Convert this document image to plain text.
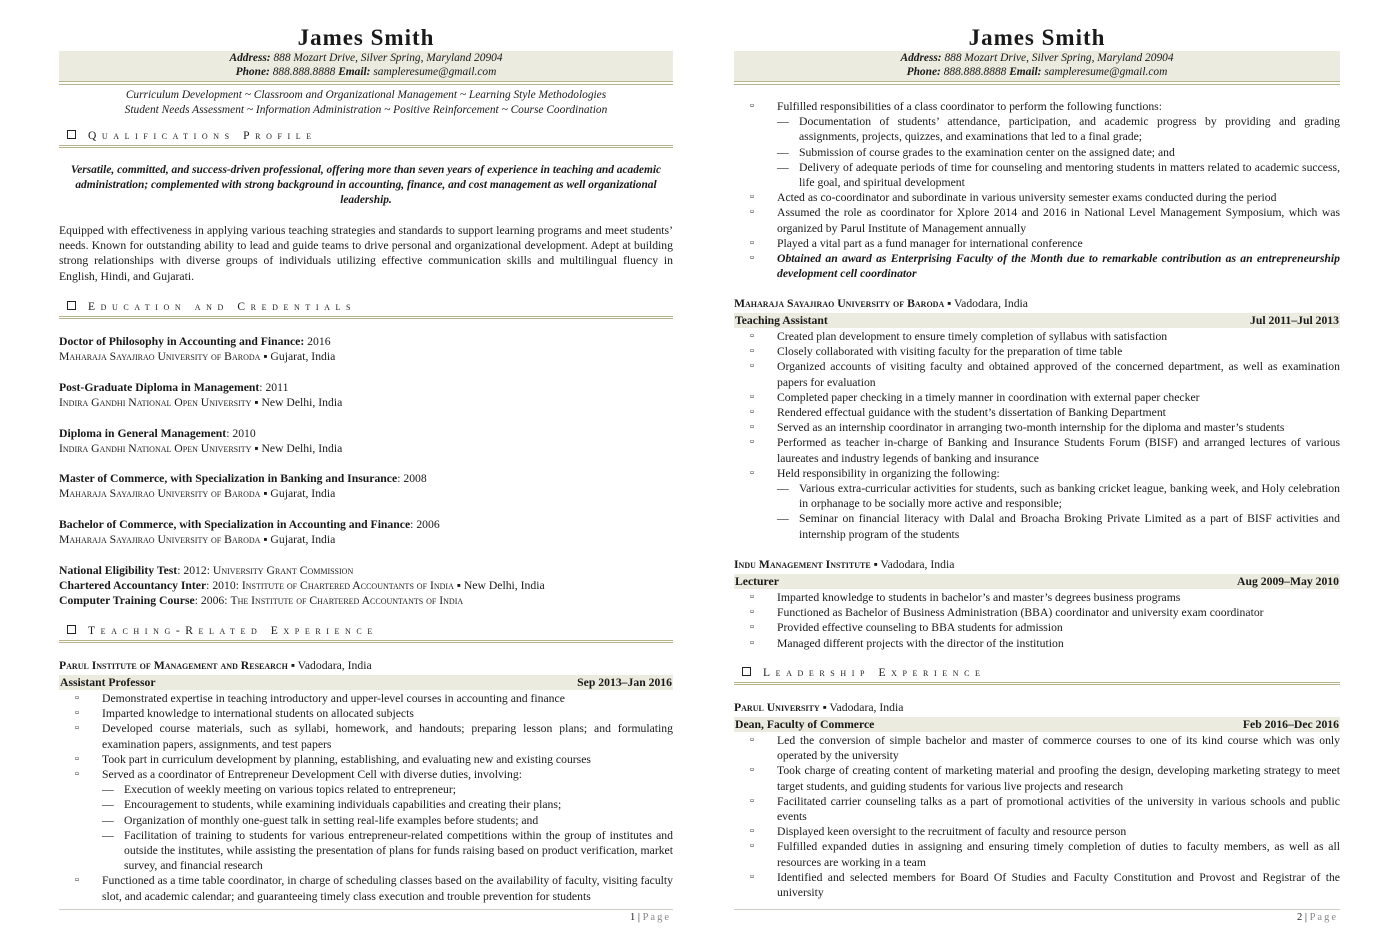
James Smith
Address: 888 Mozart Drive, Silver Spring, Maryland 20904
Phone: 888.888.8888 Email: sampleresume@gmail.com
Curriculum Development ~ Classroom and Organizational Management ~ Learning Style Methodologies
Student Needs Assessment ~ Information Administration ~ Positive Reinforcement ~ Course Coordination
Qualifications Profile
Versatile, committed, and success-driven professional, offering more than seven years of experience in teaching and academic administration; complemented with strong background in accounting, finance, and cost management as well organizational leadership.
Equipped with effectiveness in applying various teaching strategies and standards to support learning programs and meet students’ needs. Known for outstanding ability to lead and guide teams to drive personal and organizational development. Adept at building strong relationships with diverse groups of individuals utilizing effective communication skills and multilingual fluency in English, Hindi, and Gujarati.
Education and Credentials
Doctor of Philosophy in Accounting and Finance: 2016
Maharaja Sayajirao University of Baroda ▪ Gujarat, India
Post-Graduate Diploma in Management: 2011
Indira Gandhi National Open University ▪ New Delhi, India
Diploma in General Management: 2010
Indira Gandhi National Open University ▪ New Delhi, India
Master of Commerce, with Specialization in Banking and Insurance: 2008
Maharaja Sayajirao University of Baroda ▪ Gujarat, India
Bachelor of Commerce, with Specialization in Accounting and Finance: 2006
Maharaja Sayajirao University of Baroda ▪ Gujarat, India
National Eligibility Test: 2012: University Grant Commission
Chartered Accountancy Inter: 2010: Institute of Chartered Accountants of India ▪ New Delhi, India
Computer Training Course: 2006: The Institute of Chartered Accountants of India
Teaching-Related Experience
Parul Institute of Management and Research ▪ Vadodara, India
Assistant Professor	Sep 2013–Jan 2016
▫ Demonstrated expertise in teaching introductory and upper-level courses in accounting and finance
▫ Imparted knowledge to international students on allocated subjects
▫ Developed course materials, such as syllabi, homework, and handouts; preparing lesson plans; and formulating examination papers, assignments, and test papers
▫ Took part in curriculum development by planning, establishing, and evaluating new and existing courses
▫ Served as a coordinator of Entrepreneur Development Cell with diverse duties, involving:
— Execution of weekly meeting on various topics related to entrepreneur;
— Encouragement to students, while examining individuals capabilities and creating their plans;
— Organization of monthly one-guest talk in setting real-life examples before students; and
— Facilitation of training to students for various entrepreneur-related competitions within the group of institutes and outside the institutes, while assisting the presentation of plans for funds raising based on product verification, market survey, and financial research
▫ Functioned as a time table coordinator, in charge of scheduling classes based on the availability of faculty, visiting faculty slot, and academic calendar; and guaranteeing timely class execution and trouble prevention for students
1 | Page
James Smith
Address: 888 Mozart Drive, Silver Spring, Maryland 20904
Phone: 888.888.8888 Email: sampleresume@gmail.com
▫ Fulfilled responsibilities of a class coordinator to perform the following functions:
— Documentation of students’ attendance, participation, and academic progress by providing and grading assignments, projects, quizzes, and examinations that led to a final grade;
— Submission of course grades to the examination center on the assigned date; and
— Delivery of adequate periods of time for counseling and mentoring students in matters related to academic success, life goal, and spiritual development
▫ Acted as co-coordinator and subordinate in various university semester exams conducted during the period
▫ Assumed the role as coordinator for Xplore 2014 and 2016 in National Level Management Symposium, which was organized by Parul Institute of Management annually
▫ Played a vital part as a fund manager for international conference
▫ Obtained an award as Enterprising Faculty of the Month due to remarkable contribution as an entrepreneurship development cell coordinator
Maharaja Sayajirao University of Baroda ▪ Vadodara, India
Teaching Assistant	Jul 2011–Jul 2013
▫ Created plan development to ensure timely completion of syllabus with satisfaction
▫ Closely collaborated with visiting faculty for the preparation of time table
▫ Organized accounts of visiting faculty and obtained approved of the concerned department, as well as examination papers for evaluation
▫ Completed paper checking in a timely manner in coordination with external paper checker
▫ Rendered effectual guidance with the student’s dissertation of Banking Department
▫ Served as an internship coordinator in arranging two-month internship for the diploma and master’s students
▫ Performed as teacher in-charge of Banking and Insurance Students Forum (BISF) and arranged lectures of various laureates and industry legends of banking and insurance
▫ Held responsibility in organizing the following:
— Various extra-curricular activities for students, such as banking cricket league, banking week, and Holy celebration in orphanage to be socially more active and responsible;
— Seminar on financial literacy with Dalal and Broacha Broking Private Limited as a part of BISF activities and internship program of the students
Indu Management Institute ▪ Vadodara, India
Lecturer	Aug 2009–May 2010
▫ Imparted knowledge to students in bachelor’s and master’s degrees business programs
▫ Functioned as Bachelor of Business Administration (BBA) coordinator and university exam coordinator
▫ Provided effective counseling to BBA students for admission
▫ Managed different projects with the director of the institution
Leadership Experience
Parul University ▪ Vadodara, India
Dean, Faculty of Commerce	Feb 2016–Dec 2016
▫ Led the conversion of simple bachelor and master of commerce courses to one of its kind course which was only operated by the university
▫ Took charge of creating content of marketing material and proofing the design, developing marketing strategy to meet target students, and guiding students for various live projects and research
▫ Facilitated carrier counseling talks as a part of promotional activities of the university in various schools and public events
▫ Displayed keen oversight to the recruitment of faculty and resource person
▫ Fulfilled expanded duties in assigning and ensuring timely completion of duties to faculty members, as well as all resources are working in a team
▫ Identified and selected members for Board Of Studies and Faculty Constitution and Provost and Registrar of the university
2 | Page
